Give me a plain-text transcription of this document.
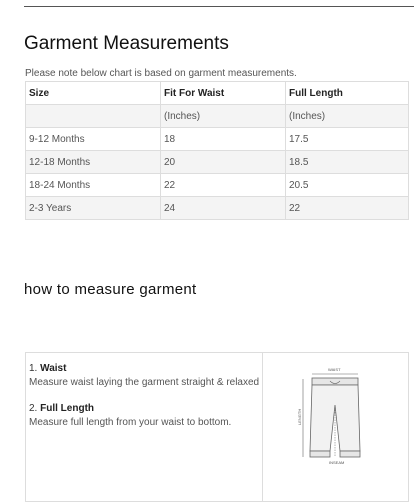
Garment Measurements
Please note below chart is based on garment measurements.
Size	Fit For Waist	Full Length
	(Inches)	(Inches)
9-12 Months	18	17.5
12-18 Months	20	18.5
18-24 Months	22	20.5
2-3 Years	24	22
how to measure garment

1. Waist

Measure waist laying the garment straight & relaxed

2. Full Length

Measure full length from your waist to bottom.

WAIST
LENGTH
INSEAM
